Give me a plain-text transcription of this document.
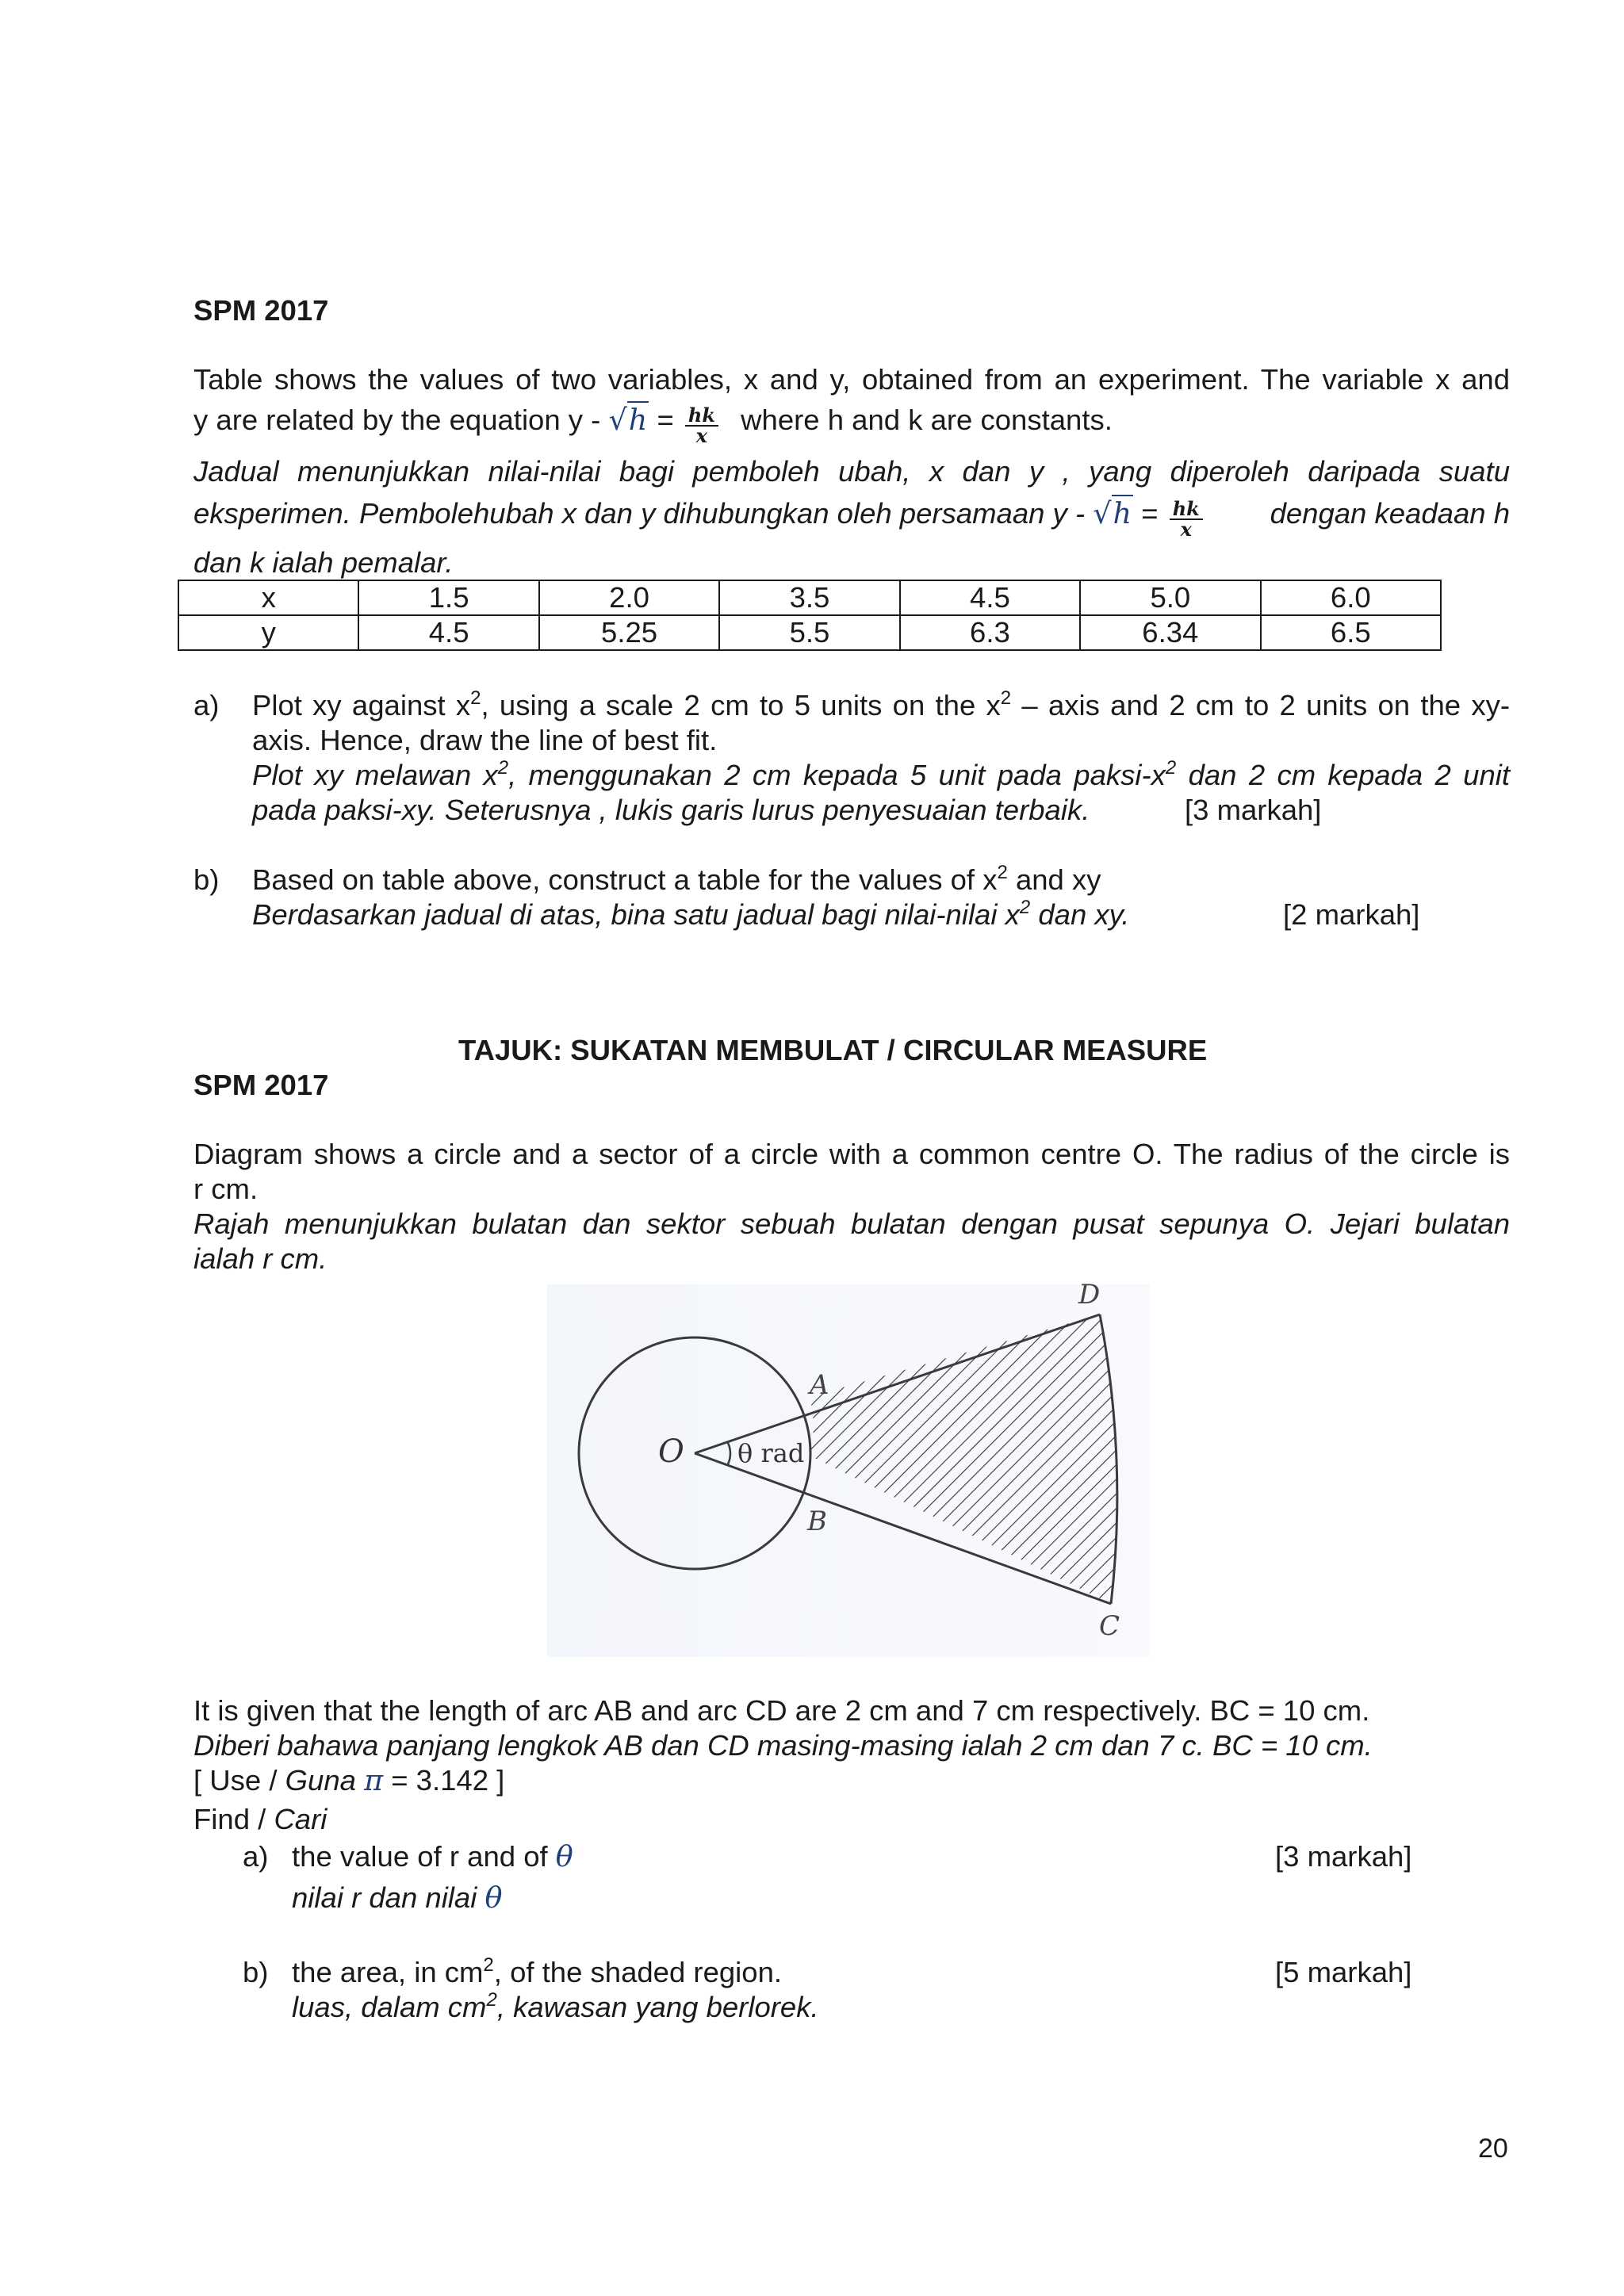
SPM 2017
Table shows the values of two variables, x and y, obtained from an experiment. The variable x and
y are related by the equation $y - √h = \frac{hk}{x}$ where h and k are constants.
Jadual menunjukkan nilai-nilai bagi pemboleh ubah, x dan y , yang diperoleh daripada suatu
eksperimen. Pembolehubah x dan y dihubungkan oleh persamaan $y - √h = \frac{hk}{x}$ dengan keadaan h
dan k ialah pemalar.
x	1.5	2.0	3.5	4.5	5.0	6.0
y	4.5	5.25	5.5	6.3	6.34	6.5
a) Plot xy against $x^2$, using a scale 2 cm to 5 units on the $x^2$ – axis and 2 cm to 2 units on the xy-
axis. Hence, draw the line of best fit.
Plot xy melawan $x^2$, menggunakan 2 cm kepada 5 unit pada paksi-$x^2$ dan 2 cm kepada 2 unit
pada paksi-xy. Seterusnya , lukis garis lurus penyesuaian terbaik.	[3 markah]
b) Based on table above, construct a table for the values of $x^2$ and xy
Berdasarkan jadual di atas, bina satu jadual bagi nilai-nilai $x^2$ dan xy.	[2 markah]
TAJUK: SUKATAN MEMBULAT / CIRCULAR MEASURE
SPM 2017
Diagram shows a circle and a sector of a circle with a common centre O. The radius of the circle is
r cm.
Rajah menunjukkan bulatan dan sektor sebuah bulatan dengan pusat sepunya O. Jejari bulatan
ialah r cm.
O
A
B
D
C
θ rad
It is given that the length of arc AB and arc CD are 2 cm and 7 cm respectively. BC = 10 cm.
Diberi bahawa panjang lengkok AB dan CD masing-masing ialah 2 cm dan 7 c. BC = 10 cm.
[ Use / Guna π = 3.142 ]
Find / Cari
a) the value of r and of θ	[3 markah]
nilai r dan nilai θ
b) the area, in $cm^2$, of the shaded region.	[5 markah]
luas, dalam $cm^2$, kawasan yang berlorek.
20
